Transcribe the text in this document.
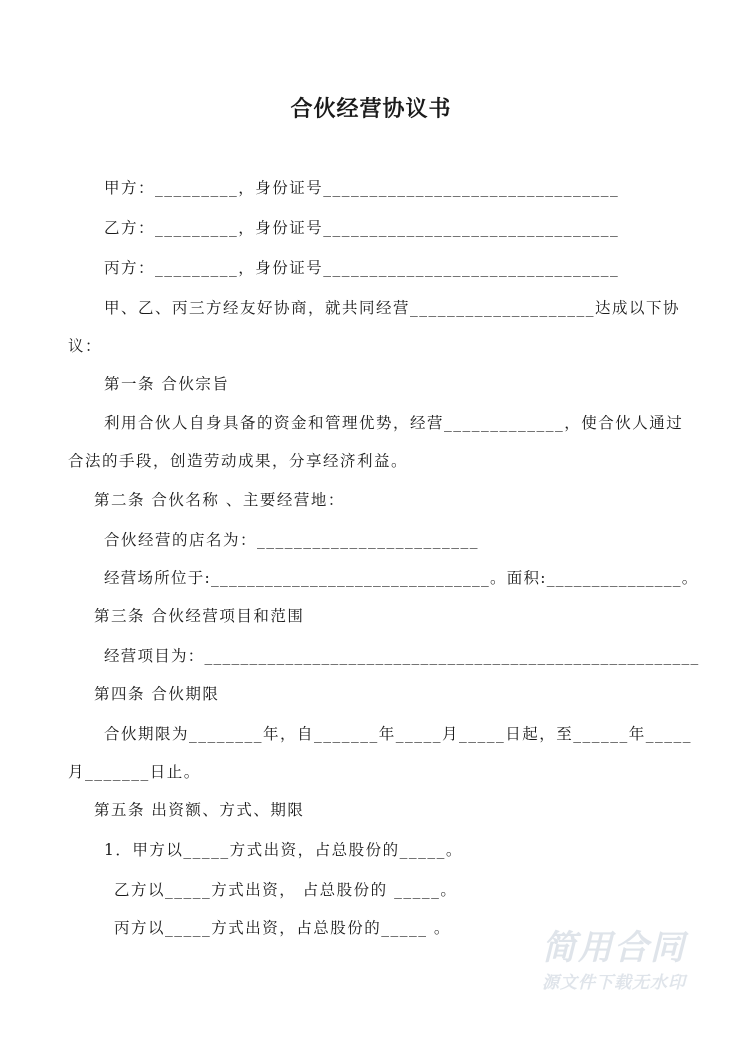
合伙经营协议书
甲方：_________，身份证号________________________________
乙方：_________，身份证号________________________________
丙方：_________，身份证号________________________________
甲、乙、丙三方经友好协商，就共同经营____________________达成以下协
议：
第一条 合伙宗旨
利用合伙人自身具备的资金和管理优势，经营_____________，使合伙人通过
合法的手段，创造劳动成果，分享经济利益。
第二条 合伙名称 、主要经营地：
合伙经营的店名为：________________________
经营场所位于:_______________________________。面积:_______________。
第三条 合伙经营项目和范围
经营项目为：_______________________________________________________
第四条 合伙期限
合伙期限为________年，自_______年_____月_____日起，至______年_____
月_______日止。
第五条 出资额、方式、期限
1．甲方以_____方式出资，占总股份的_____。
乙方以_____方式出资， 占总股份的 _____。
丙方以_____方式出资，占总股份的_____ 。	简用合同
源文件下载无水印
